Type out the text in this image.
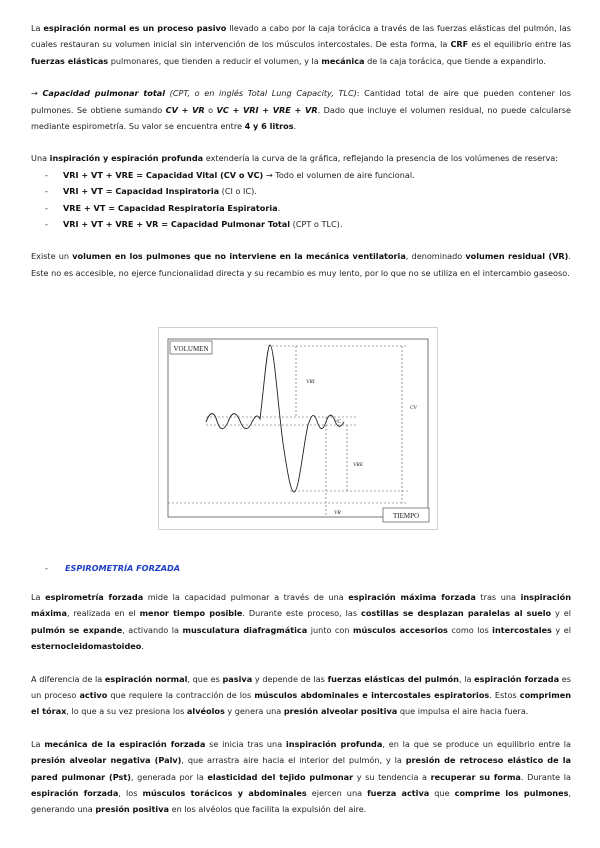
La espiración normal es un proceso pasivo llevado a cabo por la caja torácica a través de las fuerzas elásticas del pulmón, las cuales restauran su volumen inicial sin intervención de los músculos intercostales. De esta forma, la CRF es el equilibrio entre las fuerzas elásticas pulmonares, que tienden a reducir el volumen, y la mecánica de la caja torácica, que tiende a expandirlo.

→ Capacidad pulmonar total (CPT, o en inglés Total Lung Capacity, TLC): Cantidad total de aire que pueden contener los pulmones. Se obtiene sumando CV + VR o VC + VRI + VRE + VR. Dado que incluye el volumen residual, no puede calcularse mediante espirometría. Su valor se encuentra entre 4 y 6 litros.

Una inspiración y espiración profunda extendería la curva de la gráfica, reflejando la presencia de los volúmenes de reserva:

- VRI + VT + VRE = Capacidad Vital (CV o VC) → Todo el volumen de aire funcional.
- VRI + VT = Capacidad Inspiratoria (CI o IC).
- VRE + VT = Capacidad Respiratoria Espiratoria.
- VRI + VT + VRE + VR = Capacidad Pulmonar Total (CPT o TLC).

Existe un volumen en los pulmones que no interviene en la mecánica ventilatoria, denominado volumen residual (VR). Este no es accesible, no ejerce funcionalidad directa y su recambio es muy lento, por lo que no se utiliza en el intercambio gaseoso.

VOLUMEN
TIEMPO
VRI
VC
VRE
CV
VR
- ESPIROMETRÍA FORZADA

La espirometría forzada mide la capacidad pulmonar a través de una espiración máxima forzada tras una inspiración máxima, realizada en el menor tiempo posible. Durante este proceso, las costillas se desplazan paralelas al suelo y el pulmón se expande, activando la musculatura diafragmática junto con músculos accesorios como los intercostales y el esternocleidomastoideo.

A diferencia de la espiración normal, que es pasiva y depende de las fuerzas elásticas del pulmón, la espiración forzada es un proceso activo que requiere la contracción de los músculos abdominales e intercostales espiratorios. Estos comprimen el tórax, lo que a su vez presiona los alvéolos y genera una presión alveolar positiva que impulsa el aire hacia fuera.

La mecánica de la espiración forzada se inicia tras una inspiración profunda, en la que se produce un equilibrio entre la presión alveolar negativa (Palv), que arrastra aire hacia el interior del pulmón, y la presión de retroceso elástico de la pared pulmonar (Pst), generada por la elasticidad del tejido pulmonar y su tendencia a recuperar su forma. Durante la espiración forzada, los músculos torácicos y abdominales ejercen una fuerza activa que comprime los pulmones, generando una presión positiva en los alvéolos que facilita la expulsión del aire.
